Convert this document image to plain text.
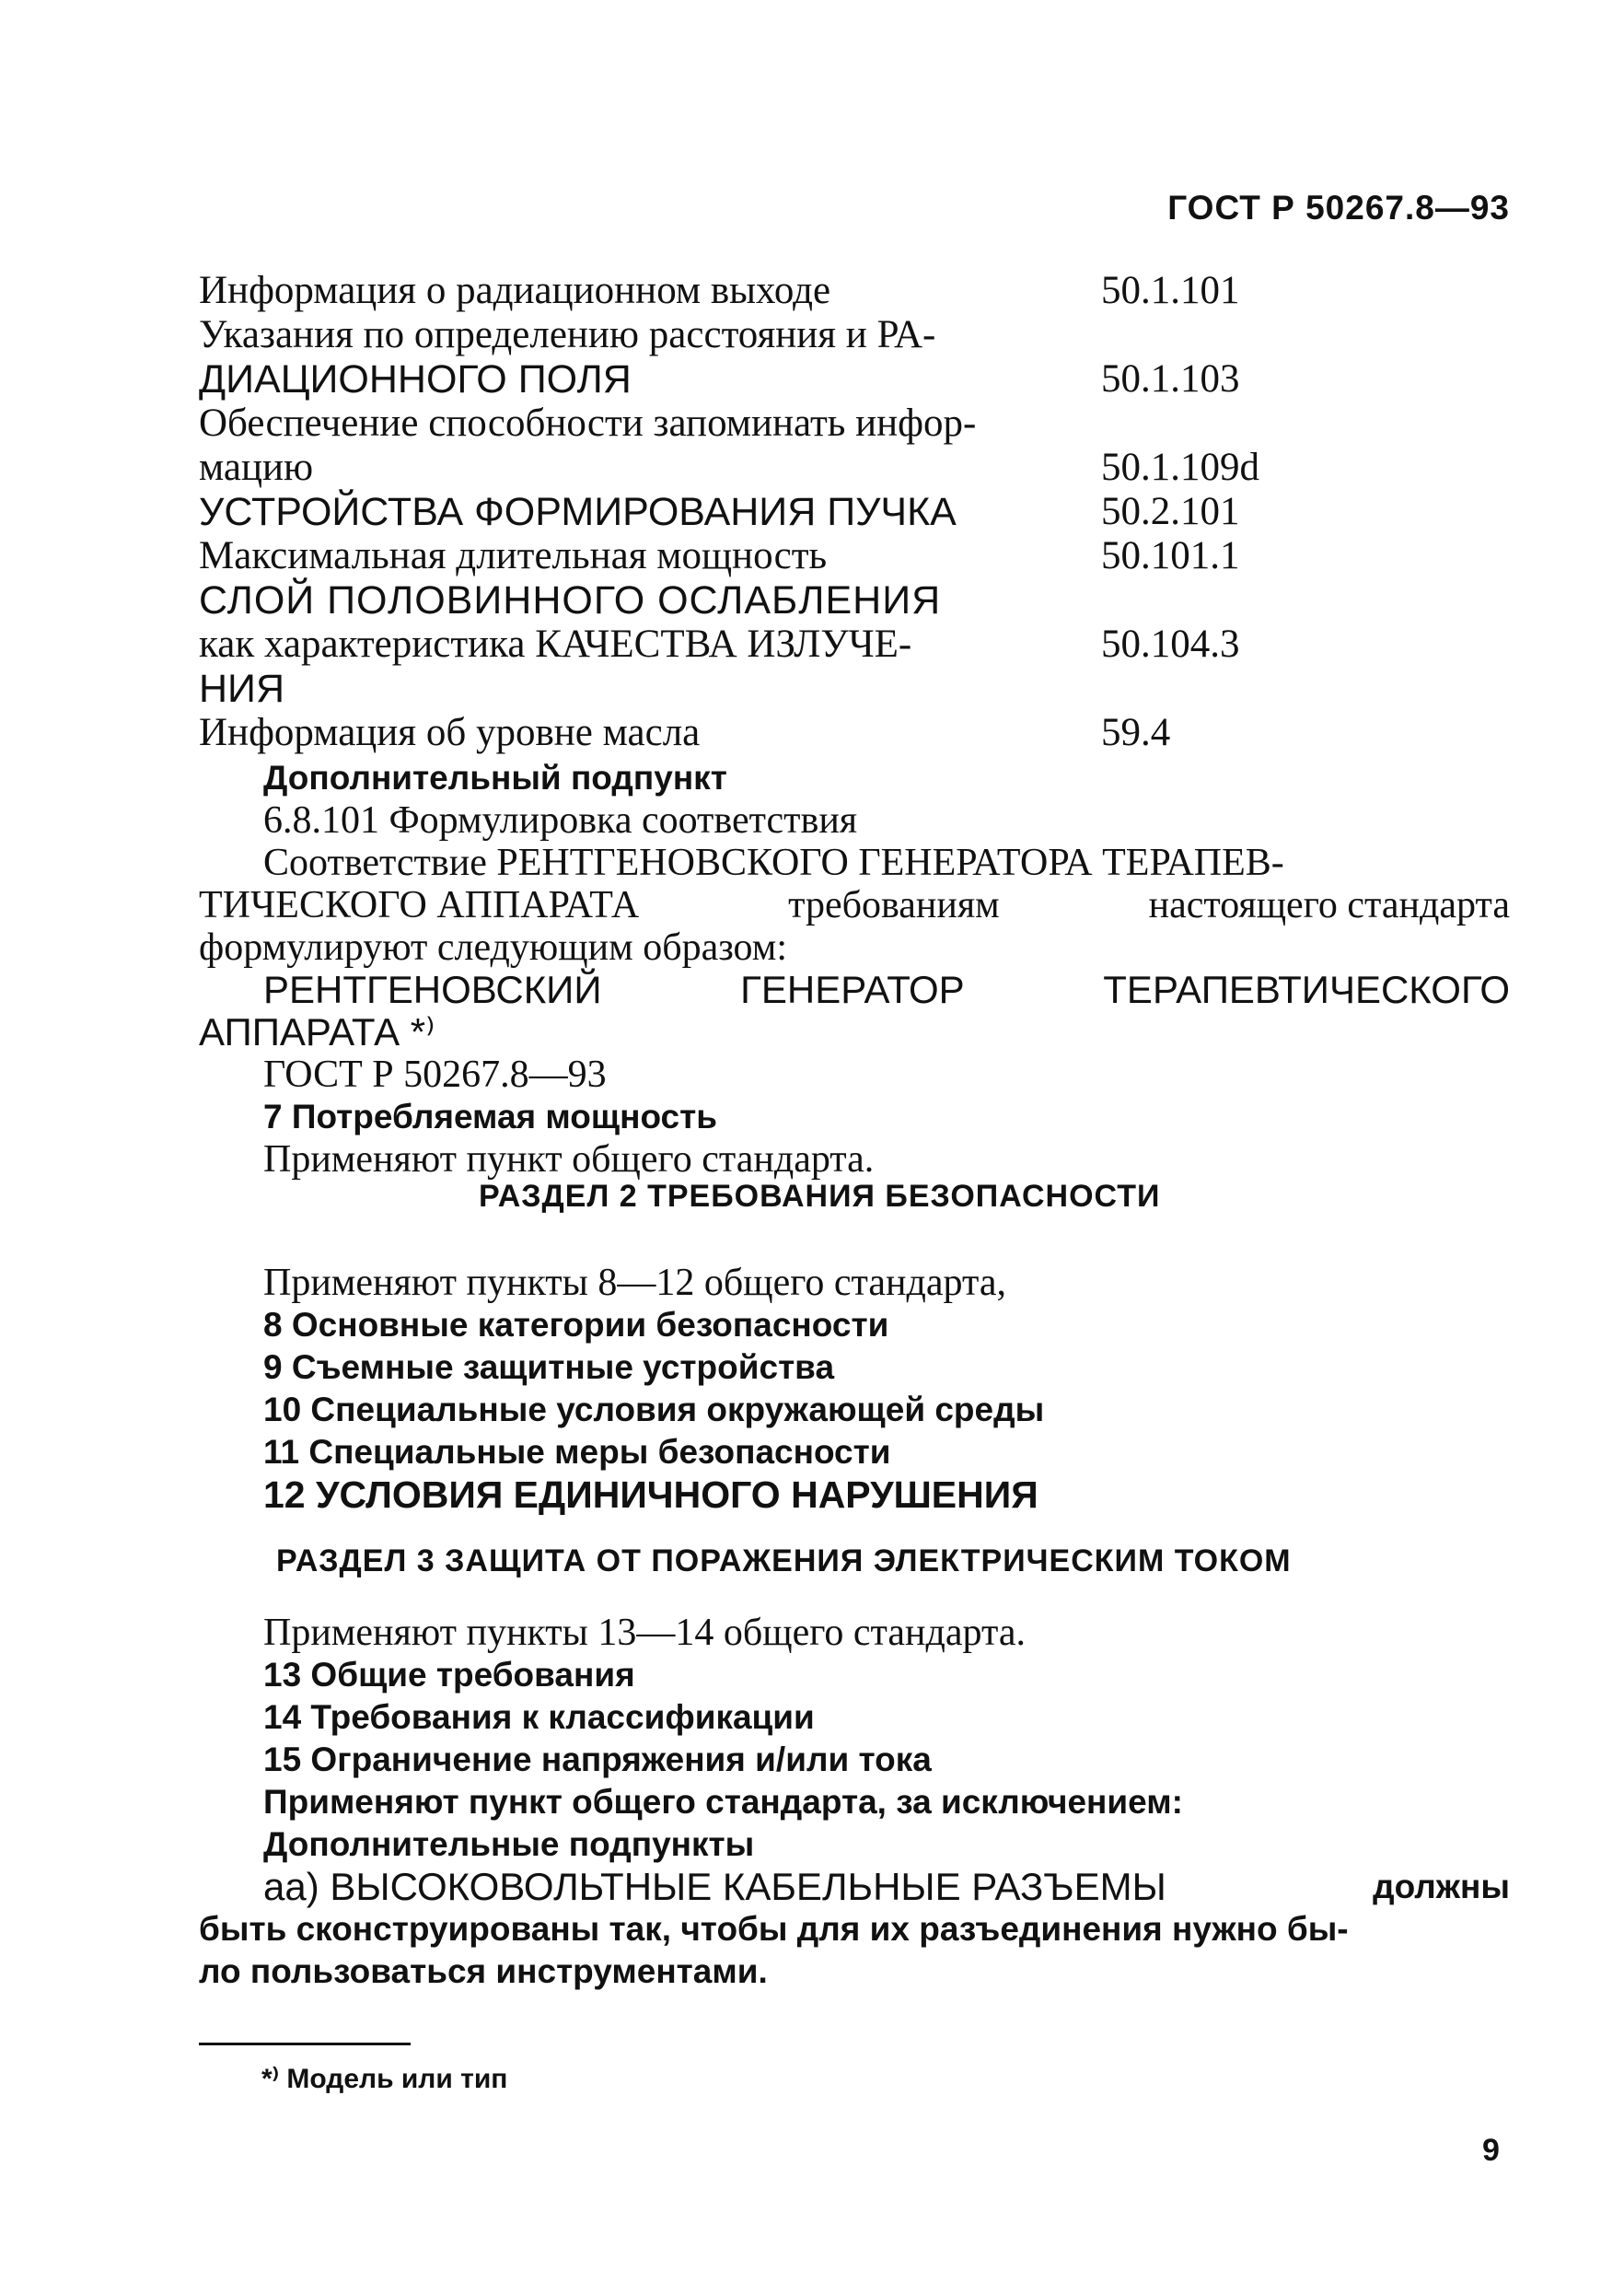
ГОСТ Р 50267.8—93
Информация о радиационном выходе	50.1.101
Указания по определению расстояния и РА-
ДИАЦИОННОГО ПОЛЯ	50.1.103
Обеспечение способности запоминать инфор-
мацию	50.1.109d
УСТРОЙСТВА ФОРМИРОВАНИЯ ПУЧКА	50.2.101
Максимальная длительная мощность	50.101.1
СЛОЙ ПОЛОВИННОГО ОСЛАБЛЕНИЯ
как характеристика КАЧЕСТВА ИЗЛУЧЕ-	50.104.3
НИЯ
Информация об уровне масла	59.4
Дополнительный подпункт
6.8.101 Формулировка соответствия
Соответствие РЕНТГЕНОВСКОГО ГЕНЕРАТОРА ТЕРАПЕВ-
ТИЧЕСКОГО АППАРАТА	требованиям	настоящего стандарта
формулируют следующим образом:
РЕНТГЕНОВСКИЙ	ГЕНЕРАТОР	ТЕРАПЕВТИЧЕСКОГО
АППАРАТА *⁾
ГОСТ Р 50267.8—93
7 Потребляемая мощность
Применяют пункт общего стандарта.
РАЗДЕЛ 2 ТРЕБОВАНИЯ БЕЗОПАСНОСТИ
Применяют пункты 8—12 общего стандарта,
8 Основные категории безопасности
9 Съемные защитные устройства
10 Специальные условия окружающей среды
11 Специальные меры безопасности
12 УСЛОВИЯ ЕДИНИЧНОГО НАРУШЕНИЯ
РАЗДЕЛ 3 ЗАЩИТА ОТ ПОРАЖЕНИЯ ЭЛЕКТРИЧЕСКИМ ТОКОМ
Применяют пункты 13—14 общего стандарта.
13 Общие требования
14 Требования к классификации
15 Ограничение напряжения и/или тока
Применяют пункт общего стандарта, за исключением:
Дополнительные подпункты
аа) ВЫСОКОВОЛЬТНЫЕ КАБЕЛЬНЫЕ РАЗЪЕМЫ	должны
быть сконструированы так, чтобы для их разъединения нужно бы-
ло пользоваться инструментами.
*⁾ Модель или тип
9
